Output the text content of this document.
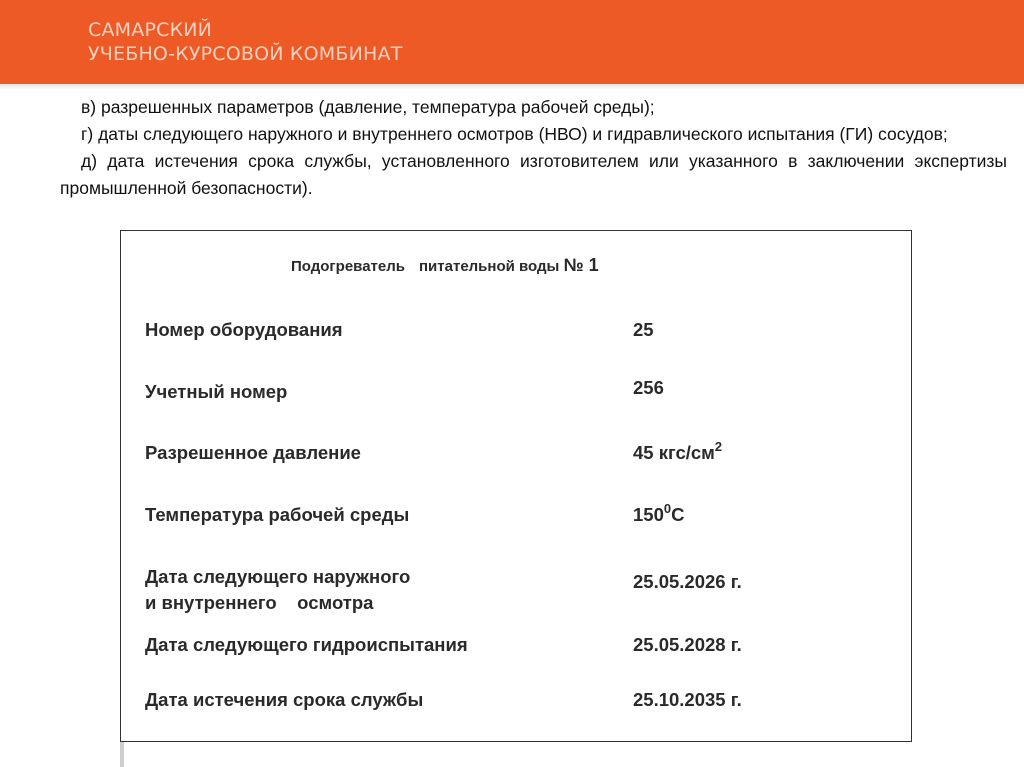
САМАРСКИЙ
УЧЕБНО-КУРСОВОЙ КОМБИНАТ

в) разрешенных параметров (давление, температура рабочей среды);

г) даты следующего наружного и внутреннего осмотров (НВО) и гидравлического испытания (ГИ) сосудов;

д) дата истечения срока службы, установленного изготовителем или указанного в заключении экспертизы промышленной безопасности).

Подогреватель питательной воды № 1
Номер оборудования	25
Учетный номер	256
Разрешенное давление	45 кгс/$см^2$
Температура рабочей среды	$150^0С$
Дата следующего наружного
и внутреннего    осмотра
25.05.2026 г.
Дата следующего гидроиспытания	25.05.2028 г.
Дата истечения срока службы	25.10.2035 г.
